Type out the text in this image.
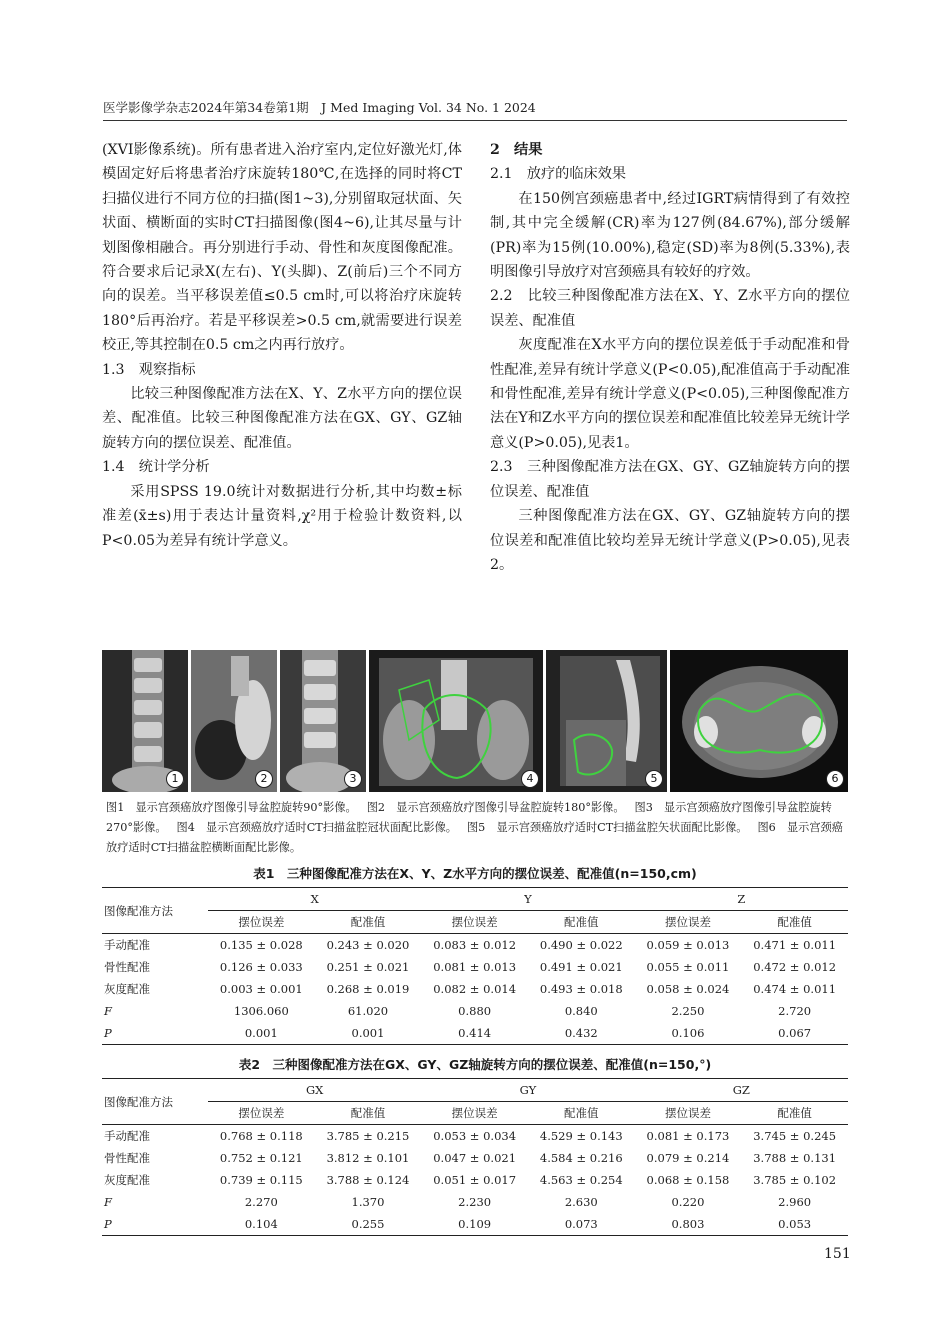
医学影像学杂志2024年第34卷第1期　J Med Imaging Vol. 34 No. 1 2024

(XVI影像系统)。所有患者进入治疗室内,定位好激光灯,体模固定好后将患者治疗床旋转180℃,在选择的同时将CT扫描仪进行不同方位的扫描(图1~3),分别留取冠状面、矢状面、横断面的实时CT扫描图像(图4~6),让其尽量与计划图像相融合。再分别进行手动、骨性和灰度图像配准。符合要求后记录X(左右)、Y(头脚)、Z(前后)三个不同方向的误差。当平移误差值≤0.5 cm时,可以将治疗床旋转180°后再治疗。若是平移误差>0.5 cm,就需要进行误差校正,等其控制在0.5 cm之内再行放疗。

1.3　观察指标

比较三种图像配准方法在X、Y、Z水平方向的摆位误差、配准值。比较三种图像配准方法在GX、GY、GZ轴旋转方向的摆位误差、配准值。

1.4　统计学分析

采用SPSS 19.0统计对数据进行分析,其中均数±标准差(x̄±s)用于表达计量资料,χ²用于检验计数资料,以P<0.05为差异有统计学意义。

2　结果

2.1　放疗的临床效果

在150例宫颈癌患者中,经过IGRT病情得到了有效控制,其中完全缓解(CR)率为127例(84.67%),部分缓解(PR)率为15例(10.00%),稳定(SD)率为8例(5.33%),表明图像引导放疗对宫颈癌具有较好的疗效。

2.2　比较三种图像配准方法在X、Y、Z水平方向的摆位误差、配准值

灰度配准在X水平方向的摆位误差低于手动配准和骨性配准,差异有统计学意义(P<0.05),配准值高于手动配准和骨性配准,差异有统计学意义(P<0.05),三种图像配准方法在Y和Z水平方向的摆位误差和配准值比较差异无统计学意义(P>0.05),见表1。

2.3　三种图像配准方法在GX、GY、GZ轴旋转方向的摆位误差、配准值

三种图像配准方法在GX、GY、GZ轴旋转方向的摆位误差和配准值比较均差异无统计学意义(P>0.05),见表2。

1	2	3	4	5	6
图1　显示宫颈癌放疗图像引导盆腔旋转90°影像。 图2　显示宫颈癌放疗图像引导盆腔旋转180°影像。 图3　显示宫颈癌放疗图像引导盆腔旋转270°影像。 图4　显示宫颈癌放疗适时CT扫描盆腔冠状面配比影像。 图5　显示宫颈癌放疗适时CT扫描盆腔矢状面配比影像。 图6　显示宫颈癌放疗适时CT扫描盆腔横断面配比影像。
表1　三种图像配准方法在X、Y、Z水平方向的摆位误差、配准值(n=150,cm)
图像配准方法	X		Y		Z	
	摆位误差	配准值	摆位误差	配准值	摆位误差	配准值
手动配准	0.135 ± 0.028	0.243 ± 0.020	0.083 ± 0.012	0.490 ± 0.022	0.059 ± 0.013	0.471 ± 0.011
骨性配准	0.126 ± 0.033	0.251 ± 0.021	0.081 ± 0.013	0.491 ± 0.021	0.055 ± 0.011	0.472 ± 0.012
灰度配准	0.003 ± 0.001	0.268 ± 0.019	0.082 ± 0.014	0.493 ± 0.018	0.058 ± 0.024	0.474 ± 0.011
F	1306.060	61.020	0.880	0.840	2.250	2.720
P	0.001	0.001	0.414	0.432	0.106	0.067
表2　三种图像配准方法在GX、GY、GZ轴旋转方向的摆位误差、配准值(n=150,°)
图像配准方法	GX		GY		GZ	
	摆位误差	配准值	摆位误差	配准值	摆位误差	配准值
手动配准	0.768 ± 0.118	3.785 ± 0.215	0.053 ± 0.034	4.529 ± 0.143	0.081 ± 0.173	3.745 ± 0.245
骨性配准	0.752 ± 0.121	3.812 ± 0.101	0.047 ± 0.021	4.584 ± 0.216	0.079 ± 0.214	3.788 ± 0.131
灰度配准	0.739 ± 0.115	3.788 ± 0.124	0.051 ± 0.017	4.563 ± 0.254	0.068 ± 0.158	3.785 ± 0.102
F	2.270	1.370	2.230	2.630	0.220	2.960
P	0.104	0.255	0.109	0.073	0.803	0.053
151
